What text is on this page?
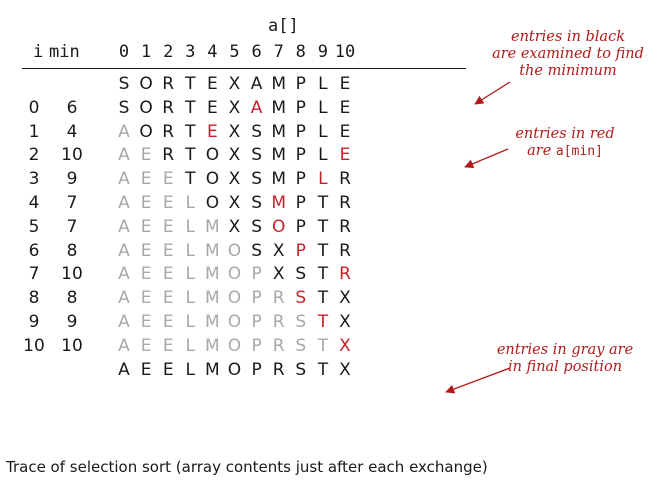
a[]
i min	0 1 2 3 4 5 6 7 8 9 10
S O R T E X A M P L E
0	6	S O R T E X A M P L E
1	4	A O R T E X S M P L E
2	10	A E R T O X S M P L E
3	9	A E E T O X S M P L R
4	7	A E E L O X S M P T R
5	7	A E E L M X S O P T R
6	8	A E E L M O S X P T R
7	10	A E E L M O P X S T R
8	8	A E E L M O P R S T X
9	9	A E E L M O P R S T X
10 10	A E E L M O P R S T X
A E E L M O P R S T X
entries in black
are examined to find
the minimum
entries in red
are a[min]
entries in gray are
in final position
Trace of selection sort (array contents just after each exchange)
